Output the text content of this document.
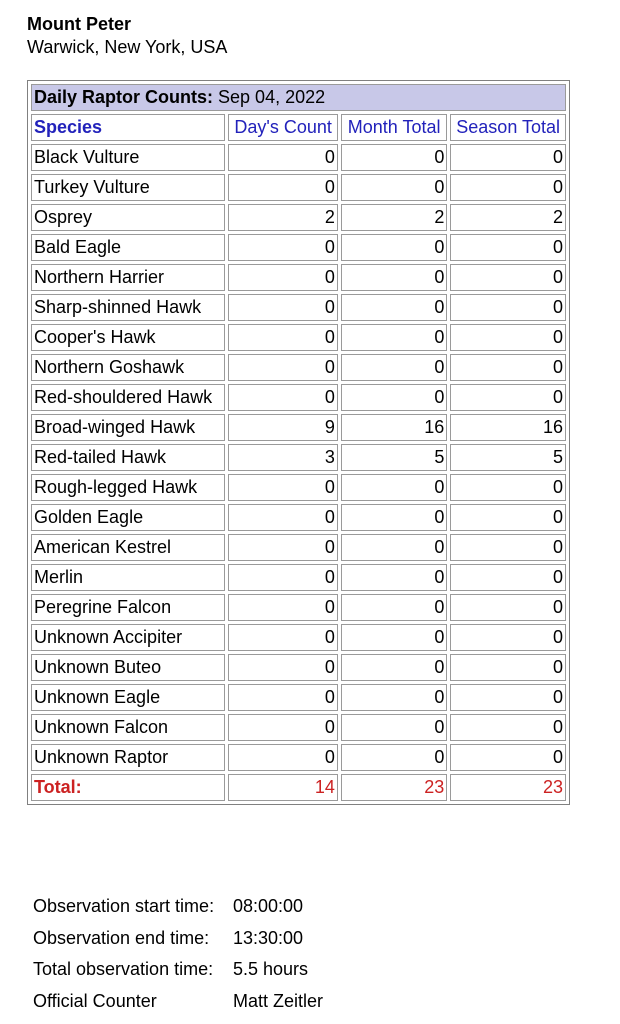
Mount Peter
Warwick, New York, USA
Daily Raptor Counts: Sep 04, 2022			
Species	Day's Count	Month Total	Season Total
Black Vulture	0	0	0
Turkey Vulture	0	0	0
Osprey	2	2	2
Bald Eagle	0	0	0
Northern Harrier	0	0	0
Sharp-shinned Hawk	0	0	0
Cooper's Hawk	0	0	0
Northern Goshawk	0	0	0
Red-shouldered Hawk	0	0	0
Broad-winged Hawk	9	16	16
Red-tailed Hawk	3	5	5
Rough-legged Hawk	0	0	0
Golden Eagle	0	0	0
American Kestrel	0	0	0
Merlin	0	0	0
Peregrine Falcon	0	0	0
Unknown Accipiter	0	0	0
Unknown Buteo	0	0	0
Unknown Eagle	0	0	0
Unknown Falcon	0	0	0
Unknown Raptor	0	0	0
Total:	14	23	23
Observation start time:	08:00:00
Observation end time:	13:30:00
Total observation time:	5.5 hours
Official Counter	Matt Zeitler
